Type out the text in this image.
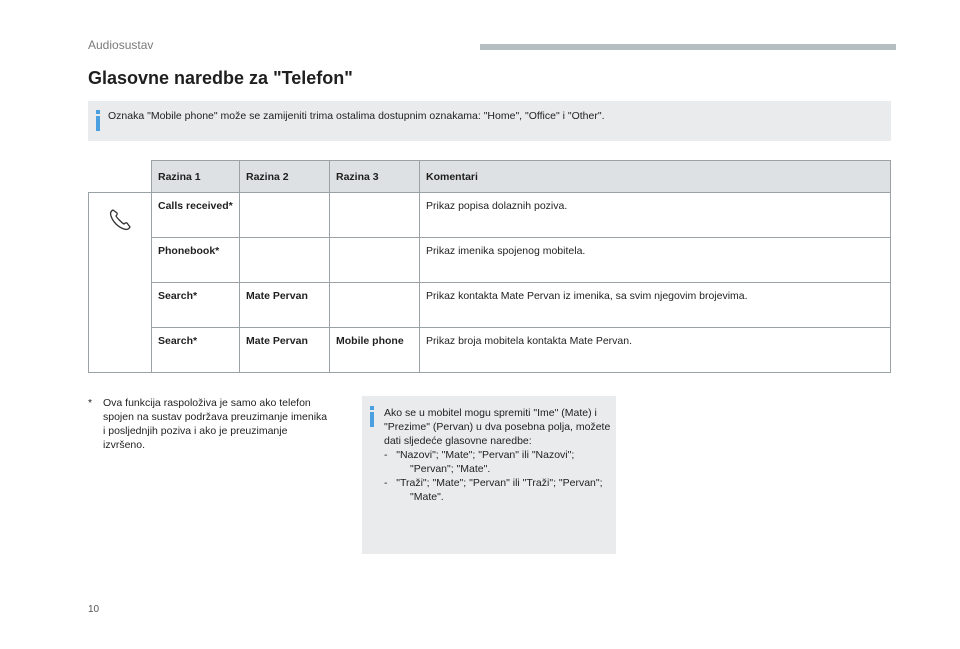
Audiosustav
Glasovne naredbe za "Telefon"
Oznaka "Mobile phone" može se zamijeniti trima ostalima dostupnim oznakama: "Home", "Office" i "Other".
	Razina 1	Razina 2	Razina 3	Komentari
	Calls received*			Prikaz popisa dolaznih poziva.
	Phonebook*			Prikaz imenika spojenog mobitela.
	Search*	Mate Pervan		Prikaz kontakta Mate Pervan iz imenika, sa svim njegovim brojevima.
	Search*	Mate Pervan	Mobile phone	Prikaz broja mobitela kontakta Mate Pervan.
* Ova funkcija raspoloživa je samo ako telefon spojen na sustav podržava preuzimanje imenika i posljednjih poziva i ako je preuzimanje izvršeno.
Ako se u mobitel mogu spremiti "Ime" (Mate) i "Prezime" (Pervan) u dva posebna polja, možete dati sljedeće glasovne naredbe:
-   "Nazovi"; "Mate"; "Pervan" ili "Nazovi"; "Pervan"; "Mate".
-   "Traži"; "Mate"; "Pervan" ili "Traži"; "Pervan"; "Mate".
10
